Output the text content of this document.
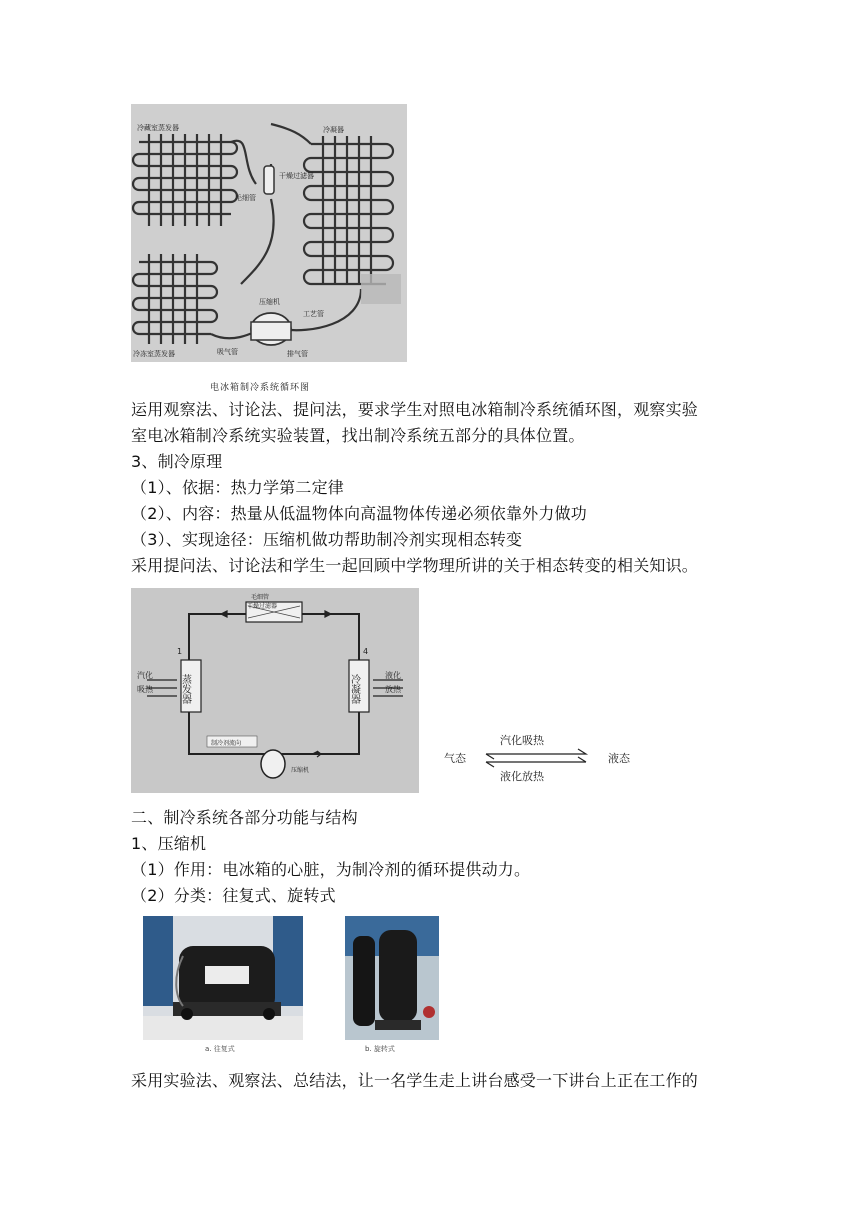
冷藏室蒸发器	冷凝器
干燥过滤器
毛细管
压缩机
工艺管
冷冻室蒸发器	吸气管	排气管
电冰箱制冷系统循环图
运用观察法、讨论法、提问法，要求学生对照电冰箱制冷系统循环图，观察实验
室电冰箱制冷系统实验装置，找出制冷系统五部分的具体位置。
3、制冷原理
（1）、依据：热力学第二定律
（2）、内容：热量从低温物体向高温物体传递必须依靠外力做功
（3）、实现途径：压缩机做功帮助制冷剂实现相态转变
采用提问法、讨论法和学生一起回顾中学物理所讲的关于相态转变的相关知识。
毛细管
干燥过滤器
蒸发器	冷凝器
汽化
吸热
液化
放热
制冷剂流向
压缩机
1	4
气态	液态
汽化吸热
液化放热
二、制冷系统各部分功能与结构
1、压缩机
（1）作用：电冰箱的心脏，为制冷剂的循环提供动力。
（2）分类：往复式、旋转式
a. 往复式	b. 旋转式
采用实验法、观察法、总结法，让一名学生走上讲台感受一下讲台上正在工作的
